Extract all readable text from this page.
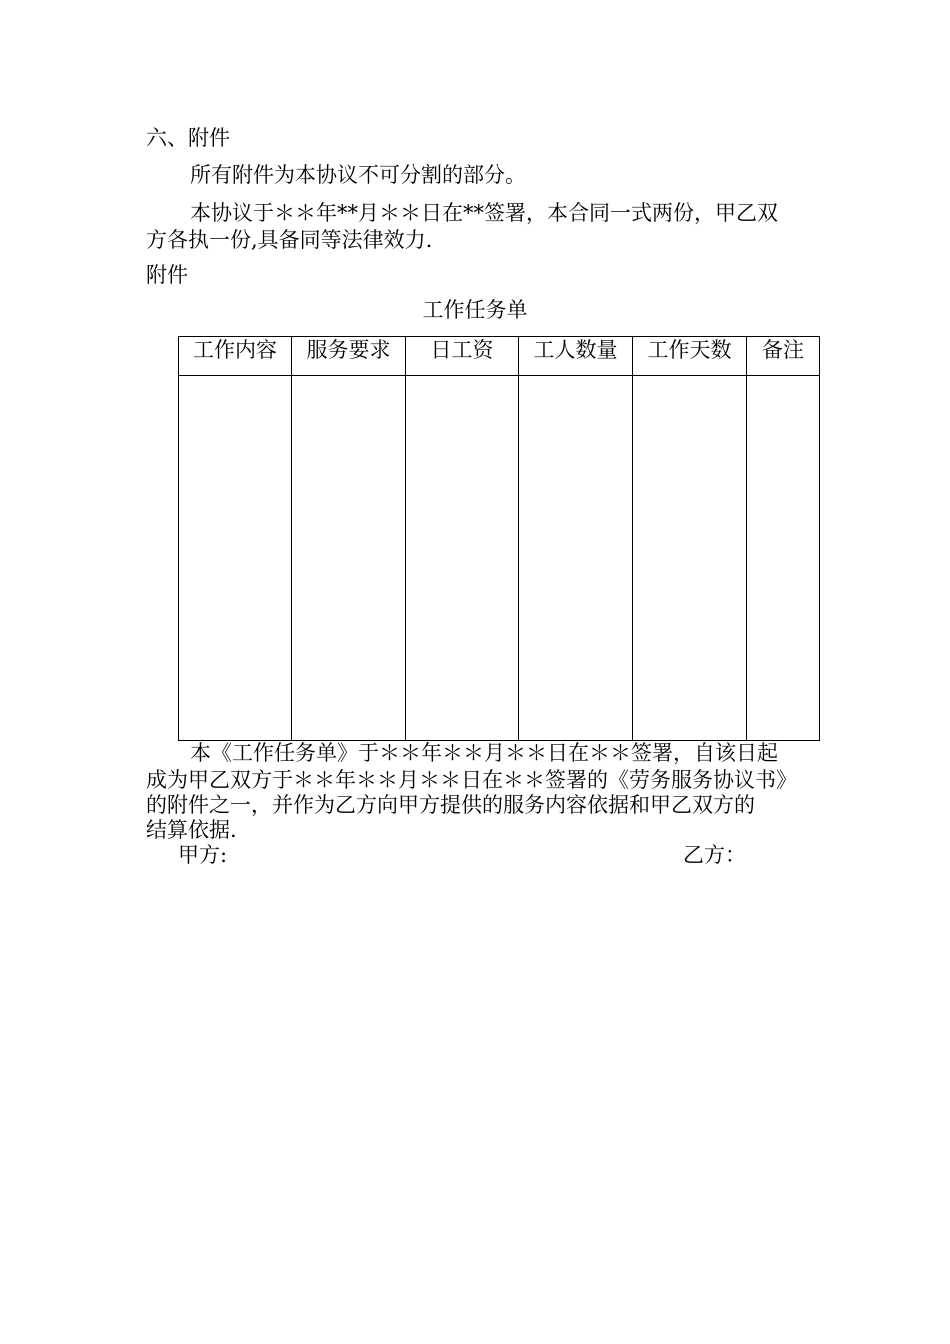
六、附件

所有附件为本协议不可分割的部分。

本协议于＊＊年**月＊＊日在**签署，本合同一式两份，甲乙双

方各执一份,具备同等法律效力.

附件

工作任务单
工作内容	服务要求	日工资	工人数量	工作天数	备注

本《工作任务单》于＊＊年＊＊月＊＊日在＊＊签署，自该日起

成为甲乙双方于＊＊年＊＊月＊＊日在＊＊签署的《劳务服务协议书》

的附件之一，并作为乙方向甲方提供的服务内容依据和甲乙双方的

结算依据.

甲方:	乙方：
